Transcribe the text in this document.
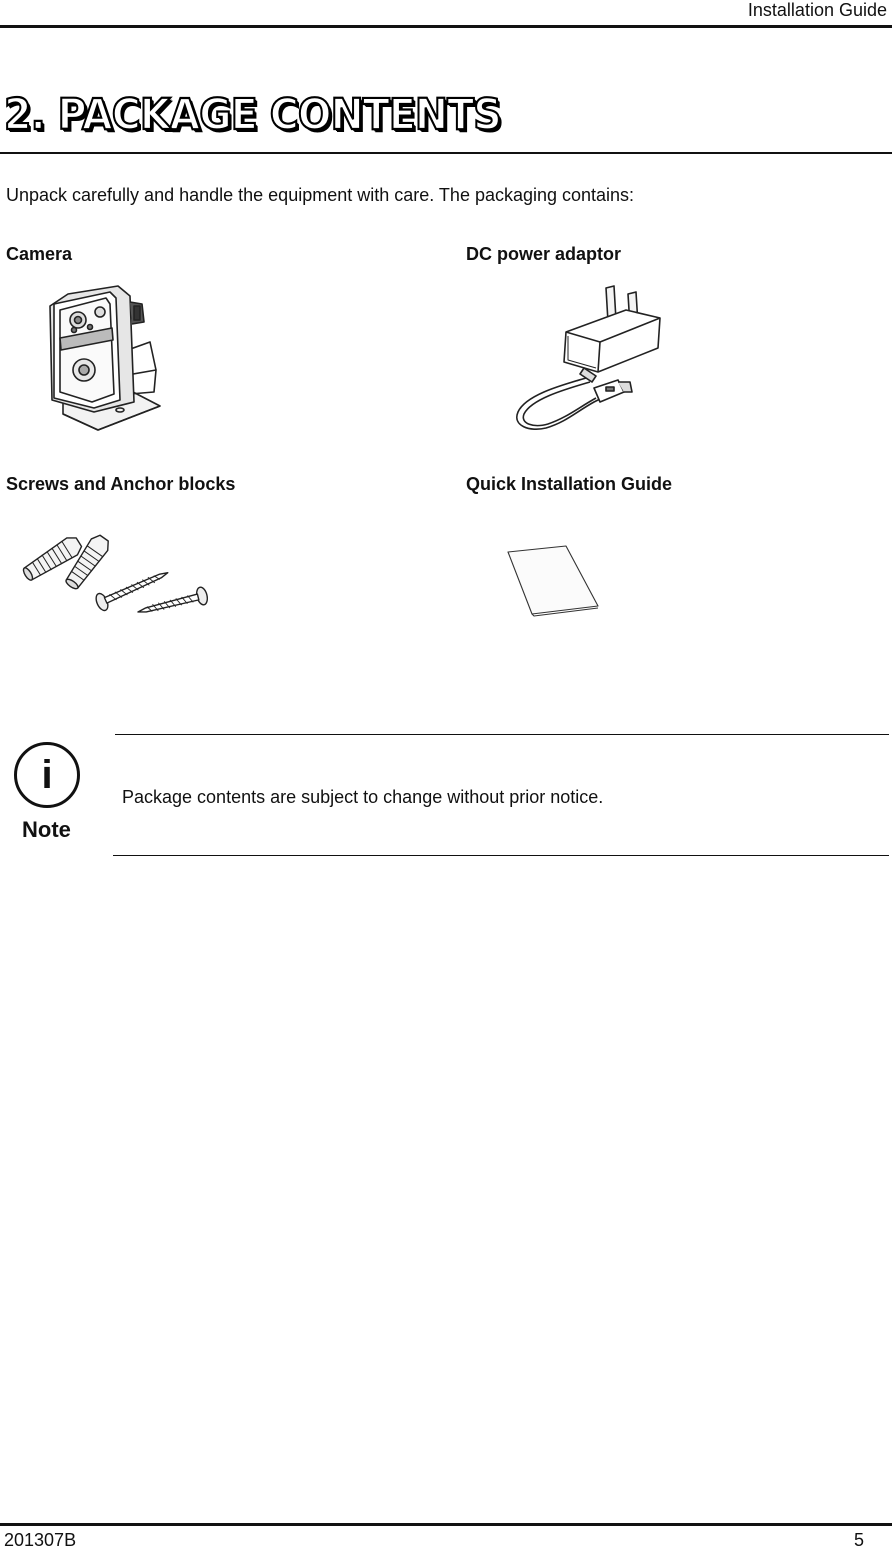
Installation Guide
2. PACKAGE CONTENTS
Unpack carefully and handle the equipment with care. The packaging contains:
Camera	DC power adaptor
Screws and Anchor blocks	Quick Installation Guide
i
Note
Package contents are subject to change without prior notice.
201307B	5
